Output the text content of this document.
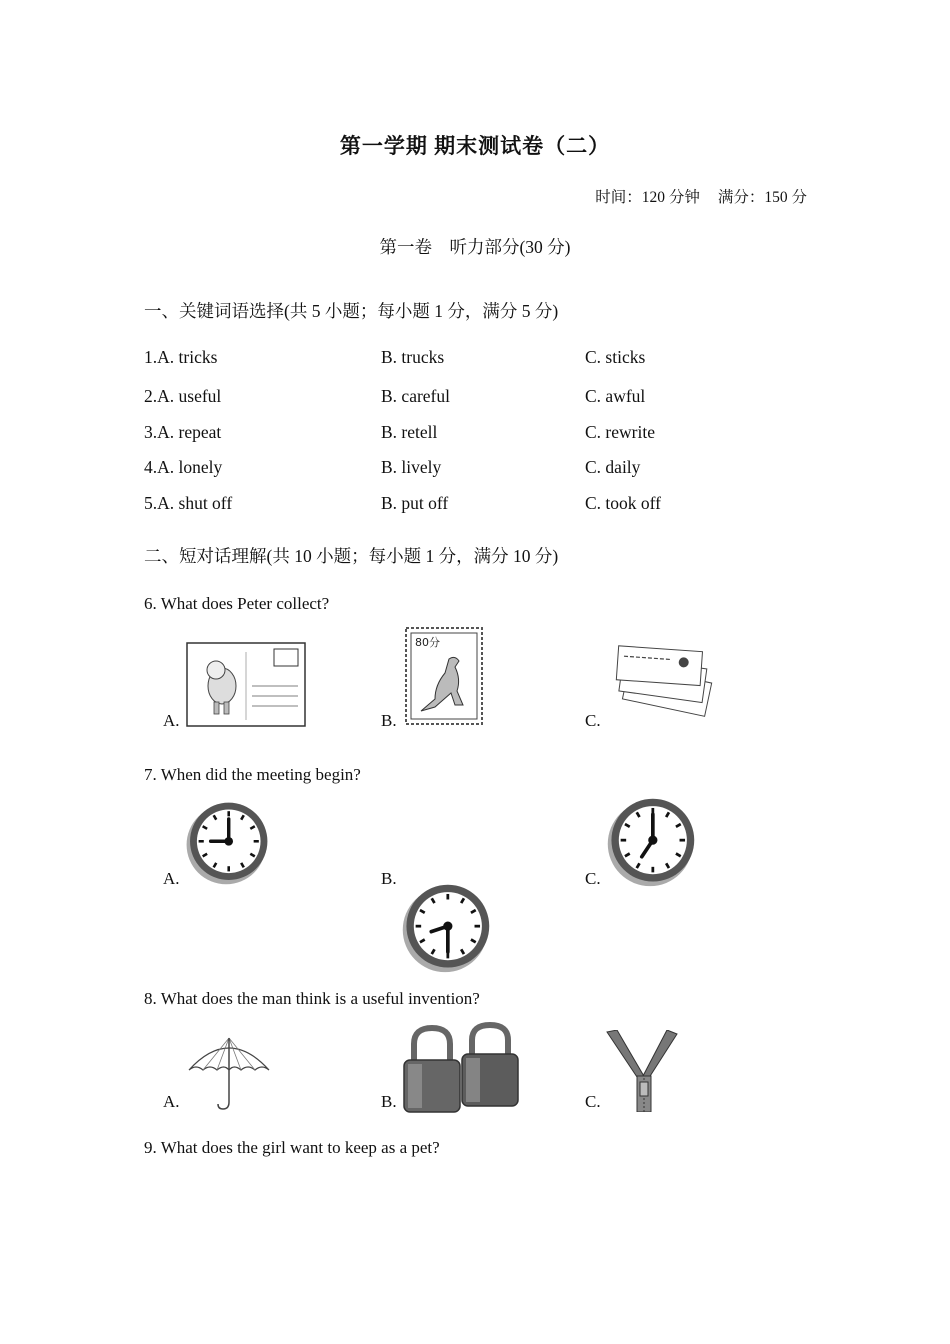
第一学期 期末测试卷（二）
时间：120 分钟 满分：150 分
第一卷　听力部分(30 分)
一、关键词语选择(共 5 小题；每小题 1 分，满分 5 分)
1.A. tricks	B. trucks	C. sticks
2.A. useful	B. careful	C. awful
3.A. repeat	B. retell	C. rewrite
4.A. lonely	B. lively	C. daily
5.A. shut off	B. put off	C. took off
二、短对话理解(共 10 小题；每小题 1 分，满分 10 分)
6. What does Peter collect?
A.	B.	C.
80分
7. When did the meeting begin?
A.	B.	C.
8. What does the man think is a useful invention?
A.	B.	C.
9. What does the girl want to keep as a pet?
